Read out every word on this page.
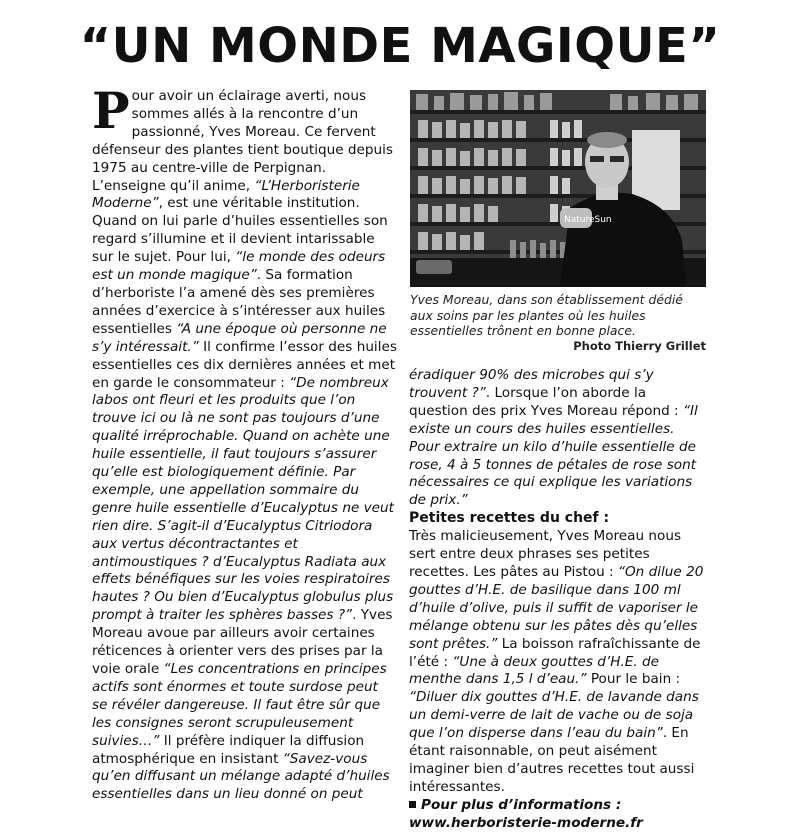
“UN MONDE MAGIQUE”
Pour avoir un éclairage averti, nous sommes allés à la rencontre d’un passionné, Yves Moreau. Ce fervent défenseur des plantes tient boutique depuis 1975 au centre-ville de Perpignan. L’enseigne qu’il anime, “L’Herboristerie Moderne”, est une véritable institution. Quand on lui parle d’huiles essentielles son regard s’illumine et il devient intarissable sur le sujet. Pour lui, “le monde des odeurs est un monde magique”. Sa formation d’herboriste l’a amené dès ses premières années d’exercice à s’intéresser aux huiles essentielles “A une époque où personne ne s’y intéressait.” Il confirme l’essor des huiles essentielles ces dix dernières années et met en garde le consommateur : “De nombreux labos ont fleuri et les produits que l’on trouve ici ou là ne sont pas toujours d’une qualité irréprochable. Quand on achète une huile essentielle, il faut toujours s’assurer qu’elle est biologiquement définie. Par exemple, une appellation sommaire du genre huile essentielle d’Eucalyptus ne veut rien dire. S’agit-il d’Eucalyptus Citriodora aux vertus décontractantes et antimoustiques ? d’Eucalyptus Radiata aux effets bénéfiques sur les voies respiratoires hautes ? Ou bien d’Eucalyptus globulus plus prompt à traiter les sphères basses ?”. Yves Moreau avoue par ailleurs avoir certaines réticences à orienter vers des prises par la voie orale “Les concentrations en principes actifs sont énormes et toute surdose peut se révéler dangereuse. Il faut être sûr que les consignes seront scrupuleusement suivies…” Il préfère indiquer la diffusion atmosphérique en insistant “Savez-vous qu’en diffusant un mélange adapté d’huiles essentielles dans un lieu donné on peut
NatureSun
Yves Moreau, dans son établissement dédié aux soins par les plantes où les huiles essentielles trônent en bonne place.
Photo Thierry Grillet
éradiquer 90% des microbes qui s’y trouvent ?”. Lorsque l’on aborde la question des prix Yves Moreau répond : “Il existe un cours des huiles essentielles. Pour extraire un kilo d’huile essentielle de rose, 4 à 5 tonnes de pétales de rose sont nécessaires ce qui explique les variations de prix.”
Petites recettes du chef :
Très malicieusement, Yves Moreau nous sert entre deux phrases ses petites recettes. Les pâtes au Pistou : “On dilue 20 gouttes d’H.E. de basilique dans 100 ml d’huile d’olive, puis il suffit de vaporiser le mélange obtenu sur les pâtes dès qu’elles sont prêtes.” La boisson rafraîchissante de l’été : “Une à deux gouttes d’H.E. de menthe dans 1,5 l d’eau.” Pour le bain : “Diluer dix gouttes d’H.E. de lavande dans un demi-verre de lait de vache ou de soja que l’on disperse dans l’eau du bain”. En étant raisonnable, on peut aisément imaginer bien d’autres recettes tout aussi intéressantes.
Pour plus d’informations :
www.herboristerie-moderne.fr
